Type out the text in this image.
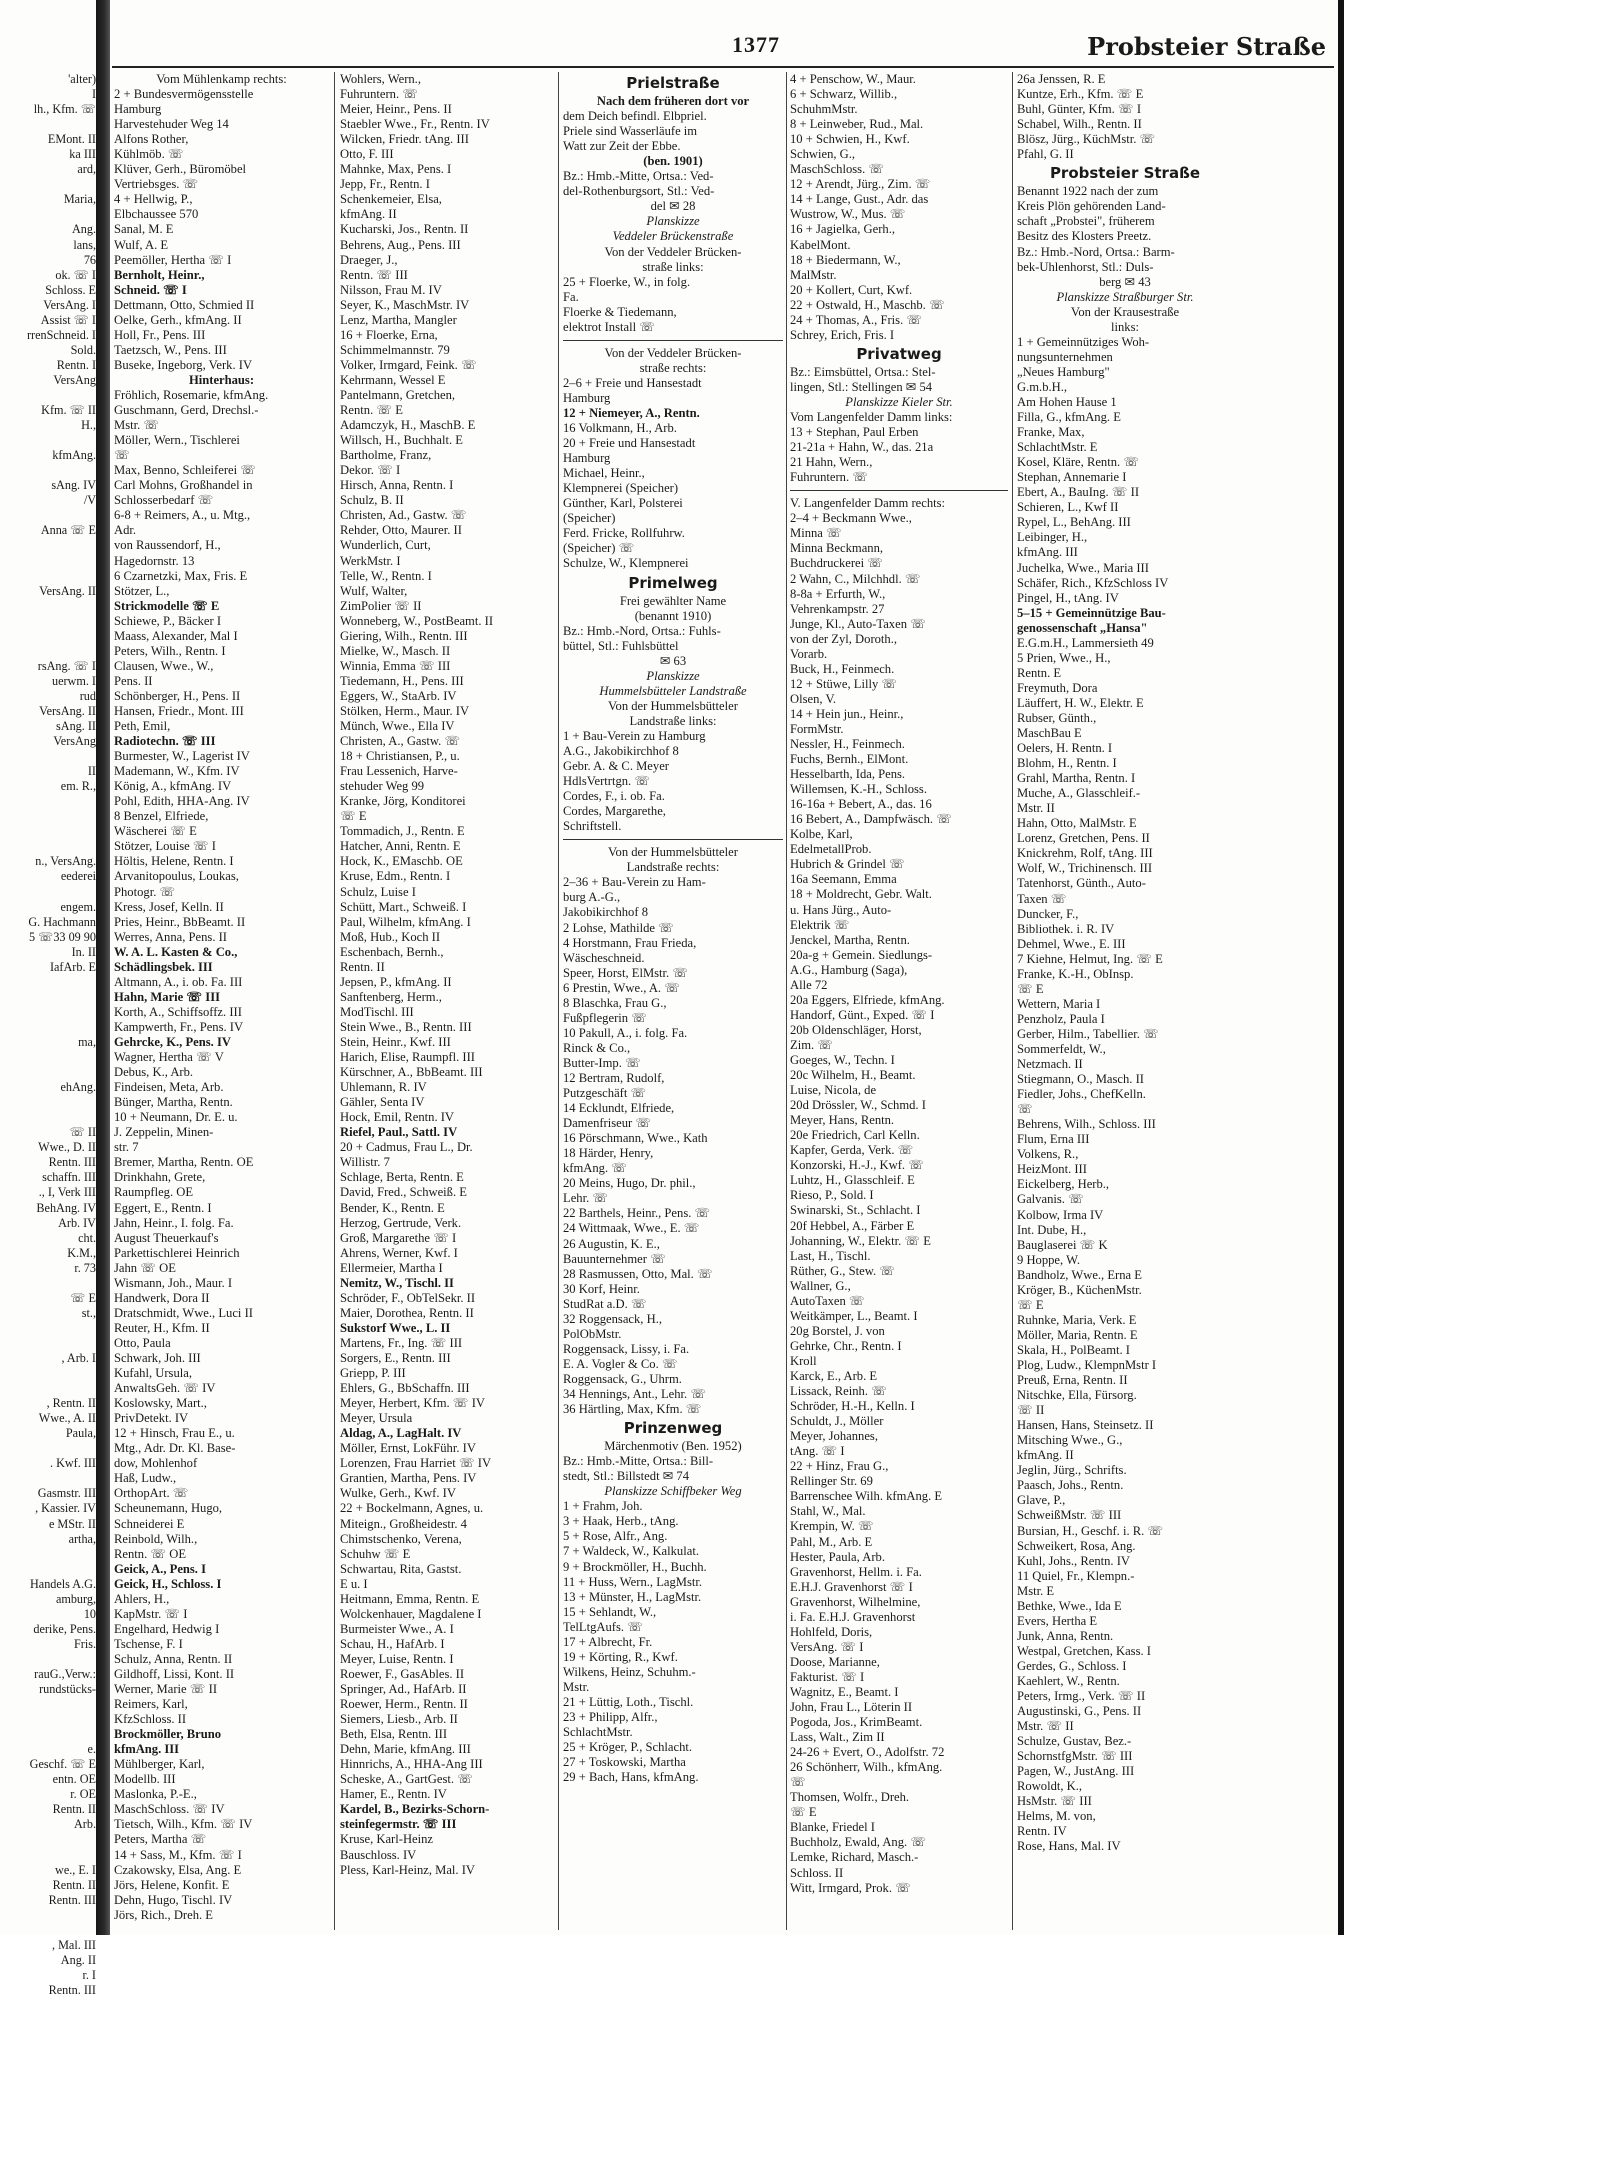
1377	Probsteier Straße
'alter)
I
lh., Kfm. ☏

EMont. II
ka III
ard,

Maria,

Ang.
lans,
76
ok. ☏ I
Schloss. E
VersAng. I
Assist ☏ I
rrenSchneid. I
Sold.
Rentn. I
VersAng

Kfm. ☏ II
H.,

kfmAng.

sAng. IV
/V

Anna ☏ E

VersAng. II

rsAng. ☏ I
uerwm. I
rud
VersAng. II
sAng. II
VersAng

II
em. R.,

n., VersAng.
eederei

engem.
G. Hachmann
5 ☏33 09 90
In. II
IafArb. E

ma,

ehAng.

☏ II
Wwe., D. II
Rentn. III
schaffn. III
., I, Verk III
BehAng. IV
Arb. IV
cht.
K.M.,
r. 73

☏ E
st.,

, Arb. I

, Rentn. II
Wwe., A. II
Paula,

. Kwf. III

Gasmstr. III
, Kassier. IV
e MStr. II
artha,

Handels A.G.
amburg,
10
derike, Pens.
Fris.

rauG.,Verw.:
rundstücks-

e.
Geschf. ☏ E
entn. OE
r. OE
Rentn. II
Arb.

we., E. I
Rentn. II
Rentn. III

, Mal. III
Ang. II
r. I
Rentn. III

Vom Mühlenkamp rechts:
2 + Bundesvermögensstelle
Hamburg
Harvestehuder Weg 14
Alfons Rother,
Kühlmöb. ☏
Klüver, Gerh., Büromöbel
Vertriebsges. ☏
4 + Hellwig, P.,
Elbchaussee 570
Sanal, M. E
Wulf, A. E
Peemöller, Hertha ☏ I
Bernholt, Heinr.,
Schneid. ☏ I
Dettmann, Otto, Schmied II
Oelke, Gerh., kfmAng. II
Holl, Fr., Pens. III
Taetzsch, W., Pens. III
Buseke, Ingeborg, Verk. IV
Hinterhaus:
Fröhlich, Rosemarie, kfmAng.
Guschmann, Gerd, Drechsl.-
Mstr. ☏
Möller, Wern., Tischlerei
☏
Max, Benno, Schleiferei ☏
Carl Mohns, Großhandel in
Schlosserbedarf ☏
6-8 + Reimers, A., u. Mtg.,
Adr.
von Raussendorf, H.,
Hagedornstr. 13
6 Czarnetzki, Max, Fris. E
Stötzer, L.,
Strickmodelle ☏ E
Schiewe, P., Bäcker I
Maass, Alexander, Mal I
Peters, Wilh., Rentn. I
Clausen, Wwe., W.,
Pens. II
Schönberger, H., Pens. II
Hansen, Friedr., Mont. III
Peth, Emil,
Radiotechn. ☏ III
Burmester, W., Lagerist IV
Mademann, W., Kfm. IV
König, A., kfmAng. IV
Pohl, Edith, HHA-Ang. IV
8 Benzel, Elfriede,
Wäscherei ☏ E
Stötzer, Louise ☏ I
Höltis, Helene, Rentn. I
Arvanitopoulus, Loukas,
Photogr. ☏
Kress, Josef, Kelln. II
Pries, Heinr., BbBeamt. II
Werres, Anna, Pens. II
W. A. L. Kasten & Co.,
Schädlingsbek. III
Altmann, A., i. ob. Fa. III
Hahn, Marie ☏ III
Korth, A., Schiffsoffz. III
Kampwerth, Fr., Pens. IV
Gehrcke, K., Pens. IV
Wagner, Hertha ☏ V
Debus, K., Arb.
Findeisen, Meta, Arb.
Bünger, Martha, Rentn.
10 + Neumann, Dr. E. u.
J. Zeppelin, Minen-
str. 7
Bremer, Martha, Rentn. OE
Drinkhahn, Grete,
Raumpfleg. OE
Eggert, E., Rentn. I
Jahn, Heinr., I. folg. Fa.
August Theuerkauf's
Parkettischlerei Heinrich
Jahn ☏ OE
Wismann, Joh., Maur. I
Handwerk, Dora II
Dratschmidt, Wwe., Luci II
Reuter, H., Kfm. II
Otto, Paula
Schwark, Joh. III
Kufahl, Ursula,
AnwaltsGeh. ☏ IV
Koslowsky, Mart.,
PrivDetekt. IV
12 + Hinsch, Frau E., u.
Mtg., Adr. Dr. Kl. Base-
dow, Mohlenhof
Haß, Ludw.,
OrthopArt. ☏
Scheunemann, Hugo,
Schneiderei E
Reinbold, Wilh.,
Rentn. ☏ OE
Geick, A., Pens. I
Geick, H., Schloss. I
Ahlers, H.,
KapMstr. ☏ I
Engelhard, Hedwig I
Tschense, F. I
Schulz, Anna, Rentn. II
Gildhoff, Lissi, Kont. II
Werner, Marie ☏ II
Reimers, Karl,
KfzSchloss. II
Brockmöller, Bruno
kfmAng. III
Mühlberger, Karl,
Modellb. III
Maslonka, P.-E.,
MaschSchloss. ☏ IV
Tietsch, Wilh., Kfm. ☏ IV
Peters, Martha ☏
14 + Sass, M., Kfm. ☏ I
Czakowsky, Elsa, Ang. E
Jörs, Helene, Konfit. E
Dehn, Hugo, Tischl. IV
Jörs, Rich., Dreh. E
Wohlers, Wern.,
Fuhruntern. ☏
Meier, Heinr., Pens. II
Staebler Wwe., Fr., Rentn. IV
Wilcken, Friedr. tAng. III
Otto, F. III
Mahnke, Max, Pens. I
Jepp, Fr., Rentn. I
Schenkemeier, Elsa,
kfmAng. II
Kucharski, Jos., Rentn. II
Behrens, Aug., Pens. III
Draeger, J.,
Rentn. ☏ III
Nilsson, Frau M. IV
Seyer, K., MaschMstr. IV
Lenz, Martha, Mangler
16 + Floerke, Erna,
Schimmelmannstr. 79
Volker, Irmgard, Feink. ☏
Kehrmann, Wessel E
Pantelmann, Gretchen,
Rentn. ☏ E
Adamczyk, H., MaschB. E
Willsch, H., Buchhalt. E
Bartholme, Franz,
Dekor. ☏ I
Hirsch, Anna, Rentn. I
Schulz, B. II
Christen, Ad., Gastw. ☏
Rehder, Otto, Maurer. II
Wunderlich, Curt,
WerkMstr. I
Telle, W., Rentn. I
Wulf, Walter,
ZimPolier ☏ II
Wonneberg, W., PostBeamt. II
Giering, Wilh., Rentn. III
Mielke, W., Masch. II
Winnia, Emma ☏ III
Tiedemann, H., Pens. III
Eggers, W., StaArb. IV
Stölken, Herm., Maur. IV
Münch, Wwe., Ella IV
Christen, A., Gastw. ☏
18 + Christiansen, P., u.
Frau Lessenich, Harve-
stehuder Weg 99
Kranke, Jörg, Konditorei
☏ E
Tommadich, J., Rentn. E
Hatcher, Anni, Rentn. E
Hock, K., EMaschb. OE
Kruse, Edm., Rentn. I
Schulz, Luise I
Schütt, Mart., Schweiß. I
Paul, Wilhelm, kfmAng. I
Moß, Hub., Koch II
Eschenbach, Bernh.,
Rentn. II
Jepsen, P., kfmAng. II
Sanftenberg, Herm.,
ModTischl. III
Stein Wwe., B., Rentn. III
Stein, Heinr., Kwf. III
Harich, Elise, Raumpfl. III
Kürschner, A., BbBeamt. III
Uhlemann, R. IV
Gähler, Senta IV
Hock, Emil, Rentn. IV
Riefel, Paul., Sattl. IV
20 + Cadmus, Frau L., Dr.
Willistr. 7
Schlage, Berta, Rentn. E
David, Fred., Schweiß. E
Bender, K., Rentn. E
Herzog, Gertrude, Verk.
Groß, Margarethe ☏ I
Ahrens, Werner, Kwf. I
Ellermeier, Martha I
Nemitz, W., Tischl. II
Schröder, F., ObTelSekr. II
Maier, Dorothea, Rentn. II
Sukstorf Wwe., L. II
Martens, Fr., Ing. ☏ III
Sorgers, E., Rentn. III
Griepp, P. III
Ehlers, G., BbSchaffn. III
Meyer, Herbert, Kfm. ☏ IV
Meyer, Ursula
Aldag, A., LagHalt. IV
Möller, Ernst, LokFühr. IV
Lorenzen, Frau Harriet ☏ IV
Grantien, Martha, Pens. IV
Wulke, Gerh., Kwf. IV
22 + Bockelmann, Agnes, u.
Miteign., Großheidestr. 4
Chimstschenko, Verena,
Schuhw ☏ E
Schwartau, Rita, Gastst.
E u. I
Heitmann, Emma, Rentn. E
Wolckenhauer, Magdalene I
Burmeister Wwe., A. I
Schau, H., HafArb. I
Meyer, Luise, Rentn. I
Roewer, F., GasAbles. II
Springer, Ad., HafArb. II
Roewer, Herm., Rentn. II
Siemers, Liesb., Arb. II
Beth, Elsa, Rentn. III
Dehn, Marie, kfmAng. III
Hinnrichs, A., HHA-Ang III
Scheske, A., GartGest. ☏
Hamer, E., Rentn. IV
Kardel, B., Bezirks-Schorn-
steinfegermstr. ☏ III
Kruse, Karl-Heinz
Bauschloss. IV
Pless, Karl-Heinz, Mal. IV
Prielstraße
Nach dem früheren dort vor
dem Deich befindl. Elbpriel.
Priele sind Wasserläufe im
Watt zur Zeit der Ebbe.
(ben. 1901)
Bz.: Hmb.-Mitte, Ortsa.: Ved-
del-Rothenburgsort, Stl.: Ved-
del ✉ 28
Planskizze
Veddeler Brückenstraße
Von der Veddeler Brücken-
straße links:
25 + Floerke, W., in folg.
Fa.
Floerke & Tiedemann,
elektrot Install ☏
Von der Veddeler Brücken-
straße rechts:
2–6 + Freie und Hansestadt
Hamburg
12 + Niemeyer, A., Rentn.
16 Volkmann, H., Arb.
20 + Freie und Hansestadt
Hamburg
Michael, Heinr.,
Klempnerei (Speicher)
Günther, Karl, Polsterei
(Speicher)
Ferd. Fricke, Rollfuhrw.
(Speicher) ☏
Schulze, W., Klempnerei
Primelweg
Frei gewählter Name
(benannt 1910)
Bz.: Hmb.-Nord, Ortsa.: Fuhls-
büttel, Stl.: Fuhlsbüttel
✉ 63
Planskizze
Hummelsbütteler Landstraße
Von der Hummelsbütteler
Landstraße links:
1 + Bau-Verein zu Hamburg
A.G., Jakobikirchhof 8
Gebr. A. & C. Meyer
HdlsVertrtgn. ☏
Cordes, F., i. ob. Fa.
Cordes, Margarethe,
Schriftstell.
Von der Hummelsbütteler
Landstraße rechts:
2–36 + Bau-Verein zu Ham-
burg A.-G.,
Jakobikirchhof 8
2 Lohse, Mathilde ☏
4 Horstmann, Frau Frieda,
Wäscheschneid.
Speer, Horst, ElMstr. ☏
6 Prestin, Wwe., A. ☏
8 Blaschka, Frau G.,
Fußpflegerin ☏
10 Pakull, A., i. folg. Fa.
Rinck & Co.,
Butter-Imp. ☏
12 Bertram, Rudolf,
Putzgeschäft ☏
14 Ecklundt, Elfriede,
Damenfriseur ☏
16 Pörschmann, Wwe., Kath
18 Härder, Henry,
kfmAng. ☏
20 Meins, Hugo, Dr. phil.,
Lehr. ☏
22 Barthels, Heinr., Pens. ☏
24 Wittmaak, Wwe., E. ☏
26 Augustin, K. E.,
Bauunternehmer ☏
28 Rasmussen, Otto, Mal. ☏
30 Korf, Heinr.
StudRat a.D. ☏
32 Roggensack, H.,
PolObMstr.
Roggensack, Lissy, i. Fa.
E. A. Vogler & Co. ☏
Roggensack, G., Uhrm.
34 Hennings, Ant., Lehr. ☏
36 Härtling, Max, Kfm. ☏
Prinzenweg
Märchenmotiv (Ben. 1952)
Bz.: Hmb.-Mitte, Ortsa.: Bill-
stedt, Stl.: Billstedt ✉ 74
Planskizze Schiffbeker Weg
1 + Frahm, Joh.
3 + Haak, Herb., tAng.
5 + Rose, Alfr., Ang.
7 + Waldeck, W., Kalkulat.
9 + Brockmöller, H., Buchh.
11 + Huss, Wern., LagMstr.
13 + Münster, H., LagMstr.
15 + Sehlandt, W.,
TelLtgAufs. ☏
17 + Albrecht, Fr.
19 + Körting, R., Kwf.
Wilkens, Heinz, Schuhm.-
Mstr.
21 + Lüttig, Loth., Tischl.
23 + Philipp, Alfr.,
SchlachtMstr.
25 + Kröger, P., Schlacht.
27 + Toskowski, Martha
29 + Bach, Hans, kfmAng.
4 + Penschow, W., Maur.
6 + Schwarz, Willib.,
SchuhmMstr.
8 + Leinweber, Rud., Mal.
10 + Schwien, H., Kwf.
Schwien, G.,
MaschSchloss. ☏
12 + Arendt, Jürg., Zim. ☏
14 + Lange, Gust., Adr. das
Wustrow, W., Mus. ☏
16 + Jagielka, Gerh.,
KabelMont.
18 + Biedermann, W.,
MalMstr.
20 + Kollert, Curt, Kwf.
22 + Ostwald, H., Maschb. ☏
24 + Thomas, A., Fris. ☏
Schrey, Erich, Fris. I
Privatweg
Bz.: Eimsbüttel, Ortsa.: Stel-
lingen, Stl.: Stellingen ✉ 54
Planskizze Kieler Str.
Vom Langenfelder Damm links:
13 + Stephan, Paul Erben
21-21a + Hahn, W., das. 21a
21 Hahn, Wern.,
Fuhruntern. ☏
V. Langenfelder Damm rechts:
2–4 + Beckmann Wwe.,
Minna ☏
Minna Beckmann,
Buchdruckerei ☏
2 Wahn, C., Milchhdl. ☏
8-8a + Erfurth, W.,
Vehrenkampstr. 27
Junge, Kl., Auto-Taxen ☏
von der Zyl, Doroth.,
Vorarb.
Buck, H., Feinmech.
12 + Stüwe, Lilly ☏
Olsen, V.
14 + Hein jun., Heinr.,
FormMstr.
Nessler, H., Feinmech.
Fuchs, Bernh., ElMont.
Hesselbarth, Ida, Pens.
Willemsen, K.-H., Schloss.
16-16a + Bebert, A., das. 16
16 Bebert, A., Dampfwäsch. ☏
Kolbe, Karl,
EdelmetallProb.
Hubrich & Grindel ☏
16a Seemann, Emma
18 + Moldrecht, Gebr. Walt.
u. Hans Jürg., Auto-
Elektrik ☏
Jenckel, Martha, Rentn.
20a-g + Gemein. Siedlungs-
A.G., Hamburg (Saga),
Alle 72
20a Eggers, Elfriede, kfmAng.
Handorf, Günt., Exped. ☏ I
20b Oldenschläger, Horst,
Zim. ☏
Goeges, W., Techn. I
20c Wilhelm, H., Beamt.
Luise, Nicola, de
20d Drössler, W., Schmd. I
Meyer, Hans, Rentn.
20e Friedrich, Carl Kelln.
Kapfer, Gerda, Verk. ☏
Konzorski, H.-J., Kwf. ☏
Luhtz, H., Glasschleif. E
Rieso, P., Sold. I
Swinarski, St., Schlacht. I
20f Hebbel, A., Färber E
Johanning, W., Elektr. ☏ E
Last, H., Tischl.
Rüther, G., Stew. ☏
Wallner, G.,
AutoTaxen ☏
Weitkämper, L., Beamt. I
20g Borstel, J. von
Gehrke, Chr., Rentn. I
Kroll
Karck, E., Arb. E
Lissack, Reinh. ☏
Schröder, H.-H., Kelln. I
Schuldt, J., Möller
Meyer, Johannes,
tAng. ☏ I
22 + Hinz, Frau G.,
Rellinger Str. 69
Barrenschee Wilh. kfmAng. E
Stahl, W., Mal.
Krempin, W. ☏
Pahl, M., Arb. E
Hester, Paula, Arb.
Gravenhorst, Hellm. i. Fa.
E.H.J. Gravenhorst ☏ I
Gravenhorst, Wilhelmine,
i. Fa. E.H.J. Gravenhorst
Hohlfeld, Doris,
VersAng. ☏ I
Doose, Marianne,
Fakturist. ☏ I
Wagnitz, E., Beamt. I
John, Frau L., Löterin II
Pogoda, Jos., KrimBeamt.
Lass, Walt., Zim II
24-26 + Evert, O., Adolfstr. 72
26 Schönherr, Wilh., kfmAng.
☏
Thomsen, Wolfr., Dreh.
☏ E
Blanke, Friedel I
Buchholz, Ewald, Ang. ☏
Lemke, Richard, Masch.-
Schloss. II
Witt, Irmgard, Prok. ☏
26a Jenssen, R. E
Kuntze, Erh., Kfm. ☏ E
Buhl, Günter, Kfm. ☏ I
Schabel, Wilh., Rentn. II
Blösz, Jürg., KüchMstr. ☏
Pfahl, G. II
Probsteier Straße
Benannt 1922 nach der zum
Kreis Plön gehörenden Land-
schaft „Probstei", früherem
Besitz des Klosters Preetz.
Bz.: Hmb.-Nord, Ortsa.: Barm-
bek-Uhlenhorst, Stl.: Duls-
berg ✉ 43
Planskizze Straßburger Str.
Von der Krausestraße
links:
1 + Gemeinnütziges Woh-
nungsunternehmen
„Neues Hamburg"
G.m.b.H.,
Am Hohen Hause 1
Filla, G., kfmAng. E
Franke, Max,
SchlachtMstr. E
Kosel, Kläre, Rentn. ☏
Stephan, Annemarie I
Ebert, A., BauIng. ☏ II
Schieren, L., Kwf II
Rypel, L., BehAng. III
Leibinger, H.,
kfmAng. III
Juchelka, Wwe., Maria III
Schäfer, Rich., KfzSchloss IV
Pingel, H., tAng. IV
5–15 + Gemeinnützige Bau-
genossenschaft „Hansa"
E.G.m.H., Lammersieth 49
5 Prien, Wwe., H.,
Rentn. E
Freymuth, Dora
Läuffert, H. W., Elektr. E
Rubser, Günth.,
MaschBau E
Oelers, H. Rentn. I
Blohm, H., Rentn. I
Grahl, Martha, Rentn. I
Muche, A., Glasschleif.-
Mstr. II
Hahn, Otto, MalMstr. E
Lorenz, Gretchen, Pens. II
Knickrehm, Rolf, tAng. III
Wolf, W., Trichinensch. III
Tatenhorst, Günth., Auto-
Taxen ☏
Duncker, F.,
Bibliothek. i. R. IV
Dehmel, Wwe., E. III
7 Kiehne, Helmut, Ing. ☏ E
Franke, K.-H., ObInsp.
☏ E
Wettern, Maria I
Penzholz, Paula I
Gerber, Hilm., Tabellier. ☏
Sommerfeldt, W.,
Netzmach. II
Stiegmann, O., Masch. II
Fiedler, Johs., ChefKelln.
☏
Behrens, Wilh., Schloss. III
Flum, Erna III
Volkens, R.,
HeizMont. III
Eickelberg, Herb.,
Galvanis. ☏
Kolbow, Irma IV
Int. Dube, H.,
Bauglaserei ☏ K
9 Hoppe, W.
Bandholz, Wwe., Erna E
Kröger, B., KüchenMstr.
☏ E
Ruhnke, Maria, Verk. E
Möller, Maria, Rentn. E
Skala, H., PolBeamt. I
Plog, Ludw., KlempnMstr I
Preuß, Erna, Rentn. II
Nitschke, Ella, Fürsorg.
☏ II
Hansen, Hans, Steinsetz. II
Mitsching Wwe., G.,
kfmAng. II
Jeglin, Jürg., Schrifts.
Paasch, Johs., Rentn.
Glave, P.,
SchweißMstr. ☏ III
Bursian, H., Geschf. i. R. ☏
Schweikert, Rosa, Ang.
Kuhl, Johs., Rentn. IV
11 Quiel, Fr., Klempn.-
Mstr. E
Bethke, Wwe., Ida E
Evers, Hertha E
Junk, Anna, Rentn.
Westpal, Gretchen, Kass. I
Gerdes, G., Schloss. I
Kaehlert, W., Rentn.
Peters, Irmg., Verk. ☏ II
Augustinski, G., Pens. II
Mstr. ☏ II
Schulze, Gustav, Bez.-
SchornstfgMstr. ☏ III
Pagen, W., JustAng. III
Rowoldt, K.,
HsMstr. ☏ III
Helms, M. von,
Rentn. IV
Rose, Hans, Mal. IV
